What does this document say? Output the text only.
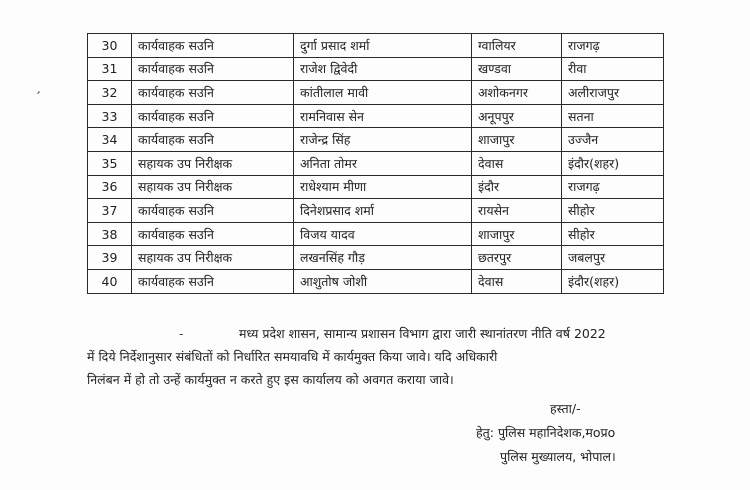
,
30	कार्यवाहक सउनि	दुर्गा प्रसाद शर्मा	ग्वालियर	राजगढ़
31	कार्यवाहक सउनि	राजेश द्विवेदी	खण्डवा	रीवा
32	कार्यवाहक सउनि	कांतीलाल मावी	अशोकनगर	अलीराजपुर
33	कार्यवाहक सउनि	रामनिवास सेन	अनूपपुर	सतना
34	कार्यवाहक सउनि	राजेन्द्र सिंह	शाजापुर	उज्जैन
35	सहायक उप निरीक्षक	अनिता तोमर	देवास	इंदौर(शहर)
36	सहायक उप निरीक्षक	राधेश्याम मीणा	इंदौर	राजगढ़
37	कार्यवाहक सउनि	दिनेशप्रसाद शर्मा	रायसेन	सीहोर
38	कार्यवाहक सउनि	विजय यादव	शाजापुर	सीहोर
39	सहायक उप निरीक्षक	लखनसिंह गौड़	छतरपुर	जबलपुर
40	कार्यवाहक सउनि	आशुतोष जोशी	देवास	इंदौर(शहर)
-	मध्य प्रदेश शासन, सामान्य प्रशासन विभाग द्वारा जारी स्थानांतरण नीति वर्ष 2022
में दिये निर्देशानुसार संबंधितों को निर्धारित समयावधि में कार्यमुक्त किया जावे। यदि अधिकारी
निलंबन में हो तो उन्हें कार्यमुक्त न करते हुए इस कार्यालय को अवगत कराया जावे।
हस्ता/-
हेतु: पुलिस महानिदेशक,मoप्रo
पुलिस मुख्यालय, भोपाल।
